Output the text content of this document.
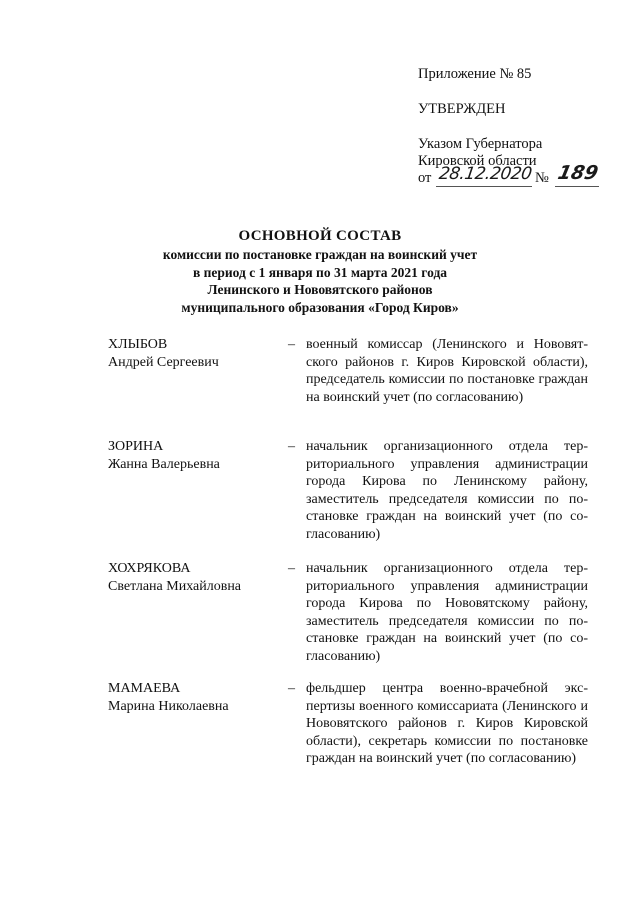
Приложение № 85
УТВЕРЖДЕН
Указом Губернатора
Кировской области
от 28.12.2020 № 189
ОСНОВНОЙ СОСТАВ
комиссии по постановке граждан на воинский учет
в период с 1 января по 31 марта 2021 года
Ленинского и Нововятского районов
муниципального образования «Город Киров»
ХЛЫБОВ
Андрей Сергеевич
– военный комиссар (Ленинского и Нововятского районов г. Киров Кировской области), председатель комиссии по постановке граждан на воинский учет (по согласованию)
ЗОРИНА
Жанна Валерьевна
– начальник организационного отдела территориального управления администрации города Кирова по Ленинскому району, заместитель председателя комиссии по постановке граждан на воинский учет (по согласованию)
ХОХРЯКОВА
Светлана Михайловна
– начальник организационного отдела территориального управления администрации города Кирова по Нововятскому району, заместитель председателя комиссии по постановке граждан на воинский учет (по согласованию)
МАМАЕВА
Марина Николаевна
– фельдшер центра военно-врачебной экспертизы военного комиссариата (Ленинского и Нововятского районов г. Киров Кировской области), секретарь комиссии по постановке граждан на воинский учет (по согласованию)
